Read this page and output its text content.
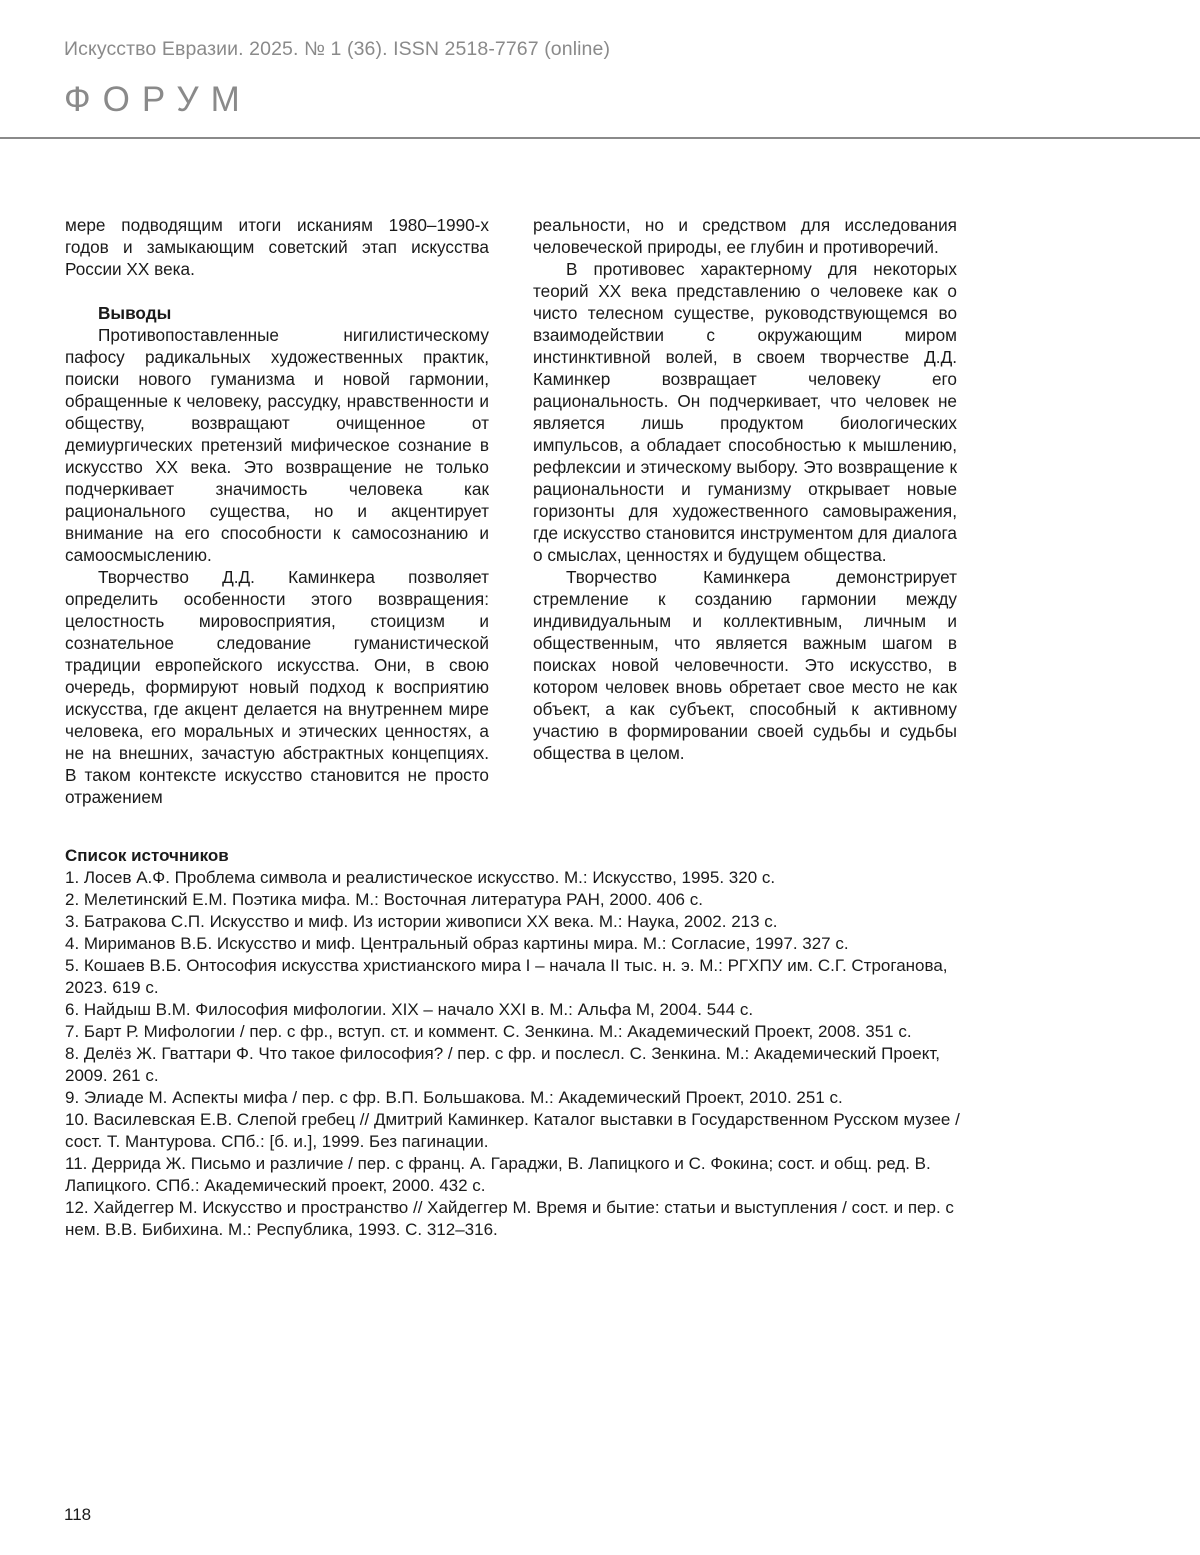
Искусство Евразии. 2025. № 1 (36). ISSN 2518-7767 (online)
ФОРУМ

мере подводящим итоги исканиям 1980–1990-х годов и замыкающим советский этап искусства России XX века.

Выводы

Противопоставленные нигилистическому пафосу радикальных художественных практик, поиски нового гуманизма и новой гармонии, обращенные к человеку, рассудку, нравственности и обществу, возвращают очищенное от демиургических претензий мифическое сознание в искусство XX века. Это возвращение не только подчеркивает значимость человека как рационального существа, но и акцентирует внимание на его способности к самосознанию и самоосмыслению.

Творчество Д.Д. Каминкера позволяет определить особенности этого возвращения: целостность мировосприятия, стоицизм и сознательное следование гуманистической традиции европейского искусства. Они, в свою очередь, формируют новый подход к восприятию искусства, где акцент делается на внутреннем мире человека, его моральных и этических ценностях, а не на внешних, зачастую абстрактных концепциях. В таком контексте искусство становится не просто отражением

реальности, но и средством для исследования человеческой природы, ее глубин и противоречий.

В противовес характерному для некоторых теорий XX века представлению о человеке как о чисто телесном существе, руководствующемся во взаимодействии с окружающим миром инстинктивной волей, в своем творчестве Д.Д. Каминкер возвращает человеку его рациональность. Он подчеркивает, что человек не является лишь продуктом биологических импульсов, а обладает способностью к мышлению, рефлексии и этическому выбору. Это возвращение к рациональности и гуманизму открывает новые горизонты для художественного самовыражения, где искусство становится инструментом для диалога о смыслах, ценностях и будущем общества.

Творчество Каминкера демонстрирует стремление к созданию гармонии между индивидуальным и коллективным, личным и общественным, что является важным шагом в поисках новой человечности. Это искусство, в котором человек вновь обретает свое место не как объект, а как субъект, способный к активному участию в формировании своей судьбы и судьбы общества в целом.

Список источников
1. Лосев А.Ф. Проблема символа и реалистическое искусство. М.: Искусство, 1995. 320 с.
2. Мелетинский Е.М. Поэтика мифа. М.: Восточная литература РАН, 2000. 406 с.
3. Батракова С.П. Искусство и миф. Из истории живописи XX века. М.: Наука, 2002. 213 с.
4. Мириманов В.Б. Искусство и миф. Центральный образ картины мира. М.: Согласие, 1997. 327 с.
5. Кошаев В.Б. Онтософия искусства христианского мира I – начала II тыс. н. э. М.: РГХПУ им. С.Г. Строганова, 2023. 619 с.
6. Найдыш В.М. Философия мифологии. XIX – начало XXI в. М.: Альфа М, 2004. 544 с.
7. Барт Р. Мифологии / пер. с фр., вступ. ст. и коммент. С. Зенкина. М.: Академический Проект, 2008. 351 с.
8. Делёз Ж. Гваттари Ф. Что такое философия? / пер. с фр. и послесл. С. Зенкина. М.: Академический Проект, 2009. 261 с.
9. Элиаде М. Аспекты мифа / пер. с фр. В.П. Большакова. М.: Академический Проект, 2010. 251 с.
10. Василевская Е.В. Слепой гребец // Дмитрий Каминкер. Каталог выставки в Государственном Русском музее / сост. Т. Мантурова. СПб.: [б. и.], 1999. Без пагинации.
11. Деррида Ж. Письмо и различие / пер. с франц. А. Гараджи, В. Лапицкого и С. Фокина; сост. и общ. ред. В. Лапицкого. СПб.: Академический проект, 2000. 432 с.
12. Хайдеггер М. Искусство и пространство // Хайдеггер М. Время и бытие: статьи и выступления / сост. и пер. с нем. В.В. Бибихина. М.: Республика, 1993. С. 312–316.
118
